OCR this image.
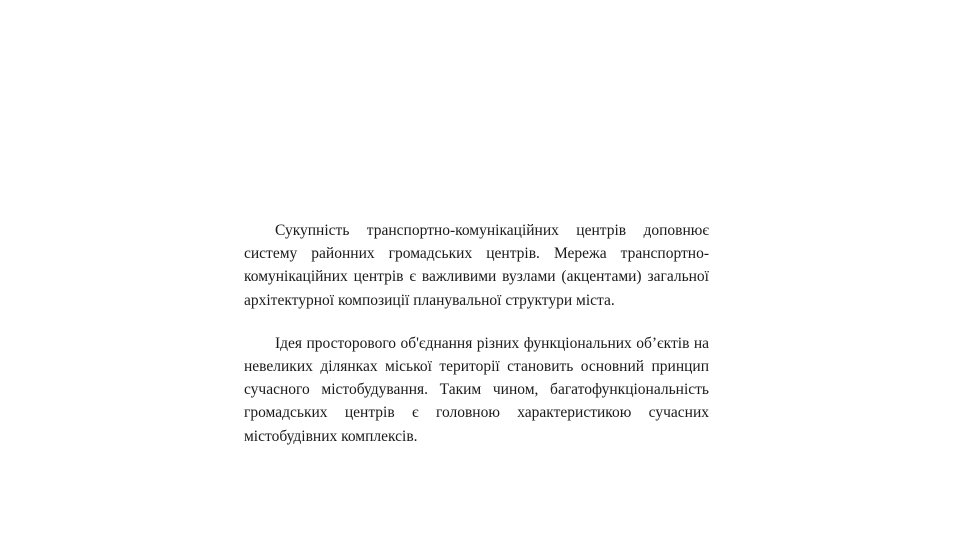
Сукупність транспортно-комунікаційних центрів доповнює систему районних громадських центрів. Мережа транспортно-комунікаційних центрів є важливими вузлами (акцентами) загальної архітектурної композиції планувальної структури міста.

Ідея просторового об'єднання різних функціональних об’єктів на невеликих ділянках міської території становить основний принцип сучасного містобудування. Таким чином, багатофункціональність громадських центрів є головною характеристикою сучасних містобудівних комплексів.
